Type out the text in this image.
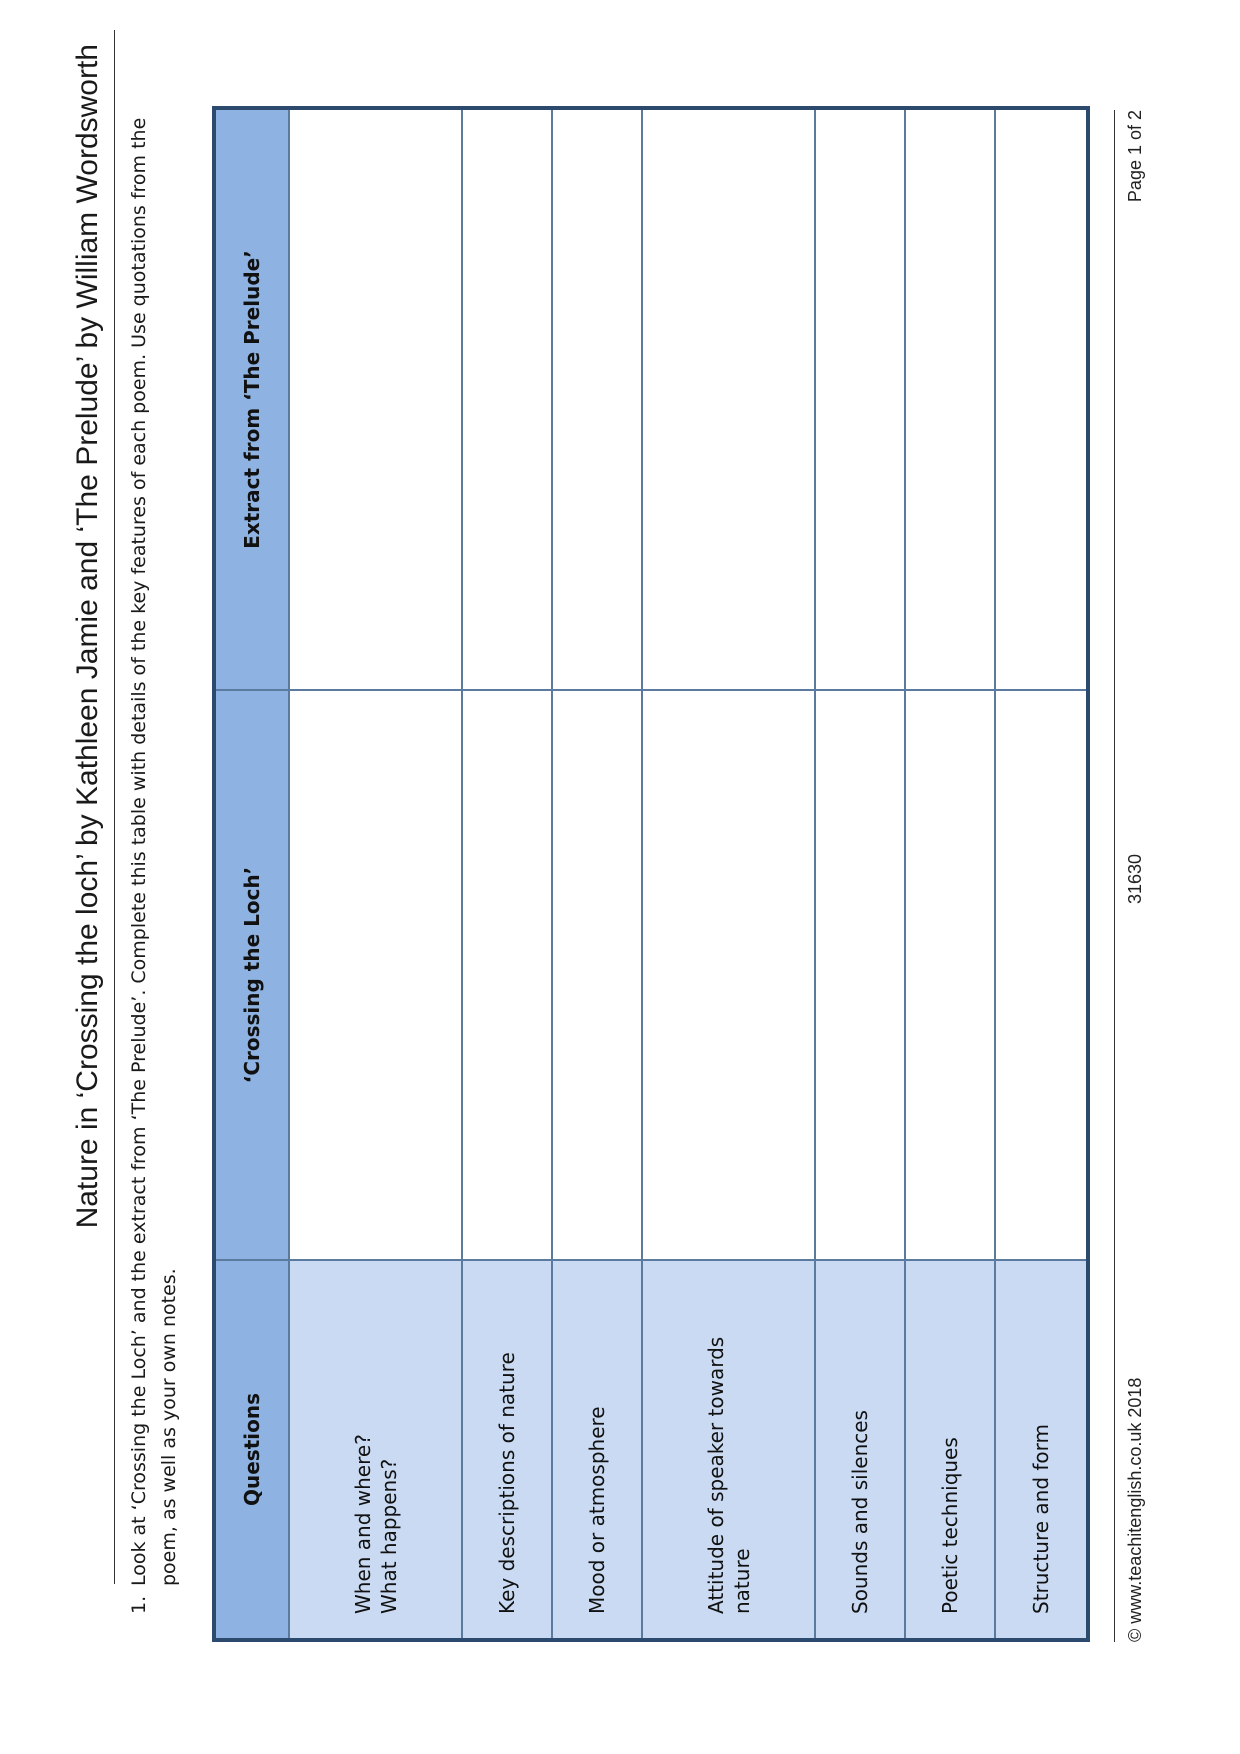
Nature in ‘Crossing the loch’ by Kathleen Jamie and ‘The Prelude’ by William Wordsworth
1.
Look at ‘Crossing the Loch’ and the extract from ‘The Prelude’. Complete this table with details of the key features of each poem. Use quotations from the poem, as well as your own notes.	Questions	‘Crossing the Loch’	Extract from ‘The Prelude’

When and where? What happens?		

Key descriptions of nature		

Mood or atmosphere		

Attitude of speaker towards nature		

Sounds and silences		

Poetic techniques		

Structure and form		
			© www.teachitenglish.co.uk 2018
31630
Page 1 of 2
